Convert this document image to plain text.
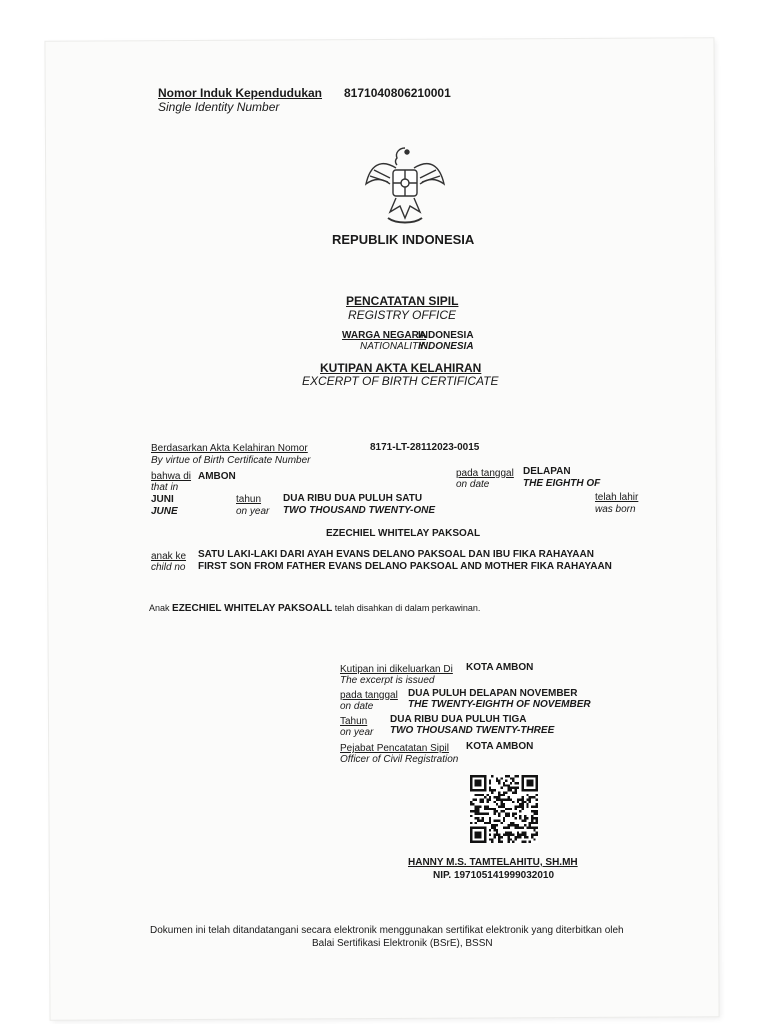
Nomor Induk Kependudukan
Single Identity Number
8171040806210001
REPUBLIK INDONESIA
PENCATATAN SIPIL
REGISTRY OFFICE
WARGA NEGARA
INDONESIA
NATIONALITY
INDONESIA
KUTIPAN AKTA KELAHIRAN
EXCERPT OF BIRTH CERTIFICATE
Berdasarkan Akta Kelahiran Nomor
By virtue of Birth Certificate Number
8171-LT-28112023-0015
bahwa di AMBON
that in
pada tanggal
on date
DELAPAN
THE EIGHTH OF
JUNI
JUNE
tahun
on year
DUA RIBU DUA PULUH SATU
TWO THOUSAND TWENTY-ONE
telah lahir
was born
EZECHIEL WHITELAY PAKSOAL
anak ke
child no
SATU LAKI-LAKI DARI AYAH EVANS DELANO PAKSOAL DAN IBU FIKA RAHAYAAN
FIRST SON FROM FATHER EVANS DELANO PAKSOAL AND MOTHER FIKA RAHAYAAN
Anak EZECHIEL WHITELAY PAKSOALL telah disahkan di dalam perkawinan.
Kutipan ini dikeluarkan Di
The excerpt is issued
KOTA AMBON
pada tanggal
on date
DUA PULUH DELAPAN NOVEMBER
THE TWENTY-EIGHTH OF NOVEMBER
Tahun
on year
DUA RIBU DUA PULUH TIGA
TWO THOUSAND TWENTY-THREE
Pejabat Pencatatan Sipil
Officer of Civil Registration
KOTA AMBON
HANNY M.S. TAMTELAHITU, SH.MH
NIP. 197105141999032010
Dokumen ini telah ditandatangani secara elektronik menggunakan sertifikat elektronik yang diterbitkan oleh
Balai Sertifikasi Elektronik (BSrE), BSSN
